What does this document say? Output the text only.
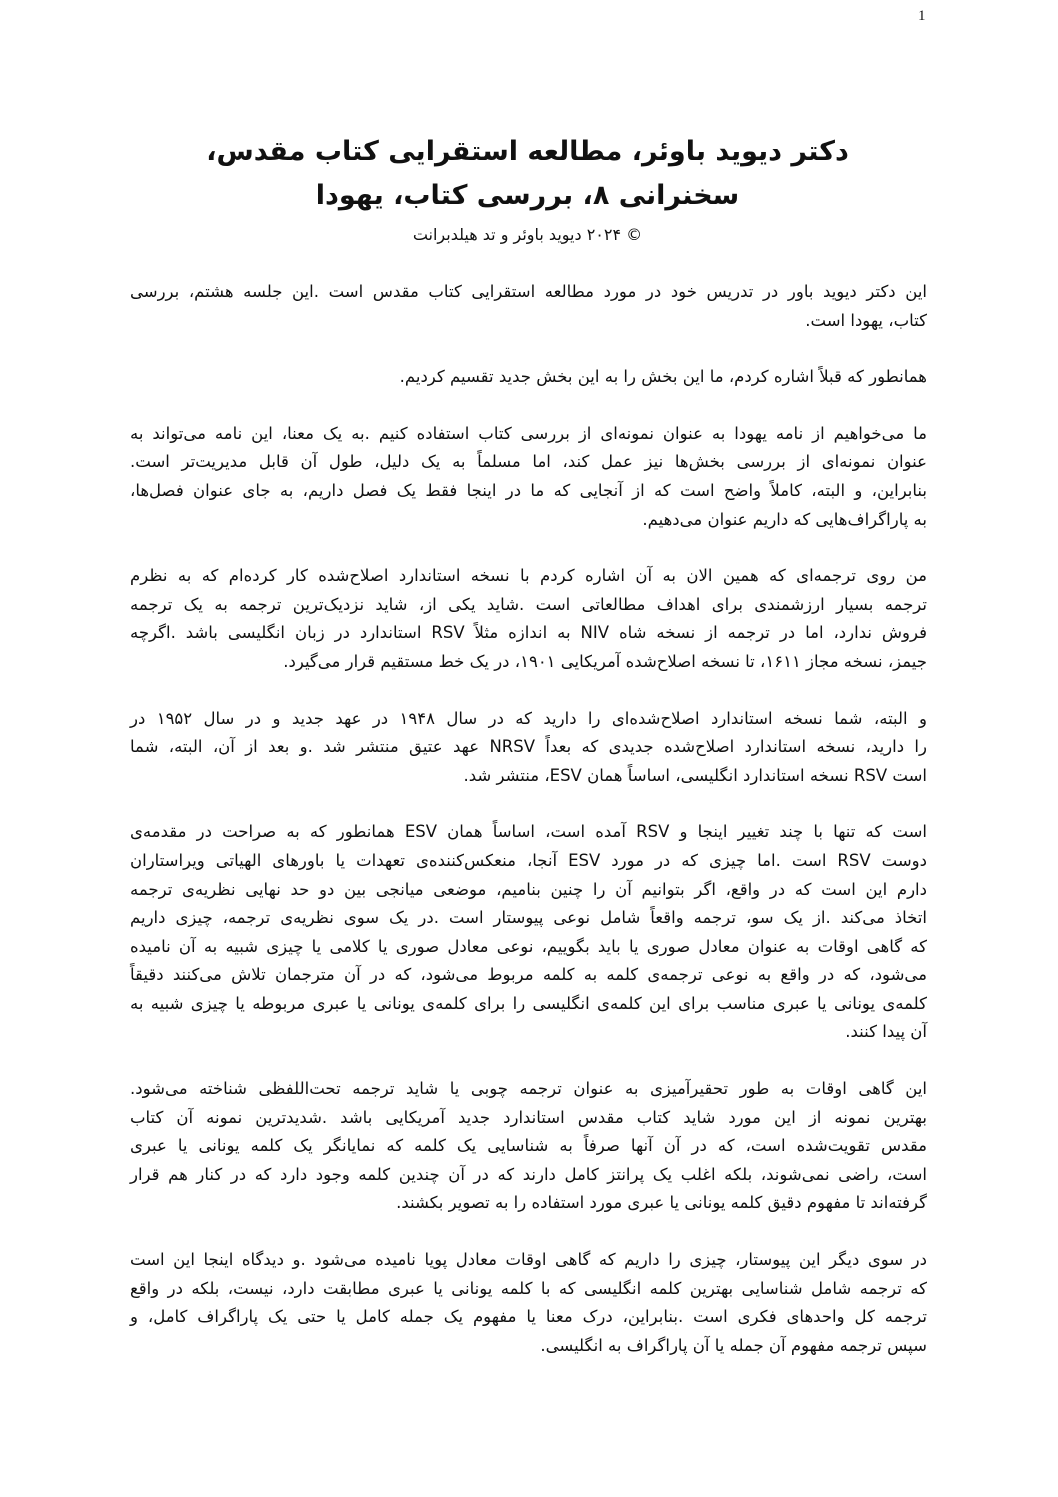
1
دکتر دیوید باوئر، مطالعه استقرایی کتاب مقدس،
سخنرانی ۸، بررسی کتاب، یهودا
© ۲۰۲۴ دیوید باوئر و تد هیلدبرانت
این دکتر دیوید باور در تدریس خود در مورد مطالعه استقرایی کتاب مقدس است .این جلسه هشتم، بررسی
کتاب، یهودا است.
همانطور که قبلاً اشاره کردم، ما این بخش را به این بخش جدید تقسیم کردیم.
ما می‌خواهیم از نامه یهودا به عنوان نمونه‌ای از بررسی کتاب استفاده کنیم .به یک معنا، این نامه می‌تواند به
عنوان نمونه‌ای از بررسی بخش‌ها نیز عمل کند، اما مسلماً به یک دلیل، طول آن قابل مدیریت‌تر است.
بنابراین، و البته، کاملاً واضح است که از آنجایی که ما در اینجا فقط یک فصل داریم، به جای عنوان فصل‌ها،
به پاراگراف‌هایی که داریم عنوان می‌دهیم.
من روی ترجمه‌ای که همین الان به آن اشاره کردم با نسخه استاندارد اصلاح‌شده کار کرده‌ام که به نظرم
ترجمه بسیار ارزشمندی برای اهداف مطالعاتی است .شاید یکی از، شاید نزدیک‌ترین ترجمه به یک ترجمه
فروش ندارد، اما در ترجمه از نسخه شاه NIV به اندازه مثلاً RSV استاندارد در زبان انگلیسی باشد .اگرچه
جیمز، نسخه مجاز ۱۶۱۱، تا نسخه اصلاح‌شده آمریکایی ۱۹۰۱، در یک خط مستقیم قرار می‌گیرد.
و البته، شما نسخه استاندارد اصلاح‌شده‌ای را دارید که در سال ۱۹۴۸ در عهد جدید و در سال ۱۹۵۲ در
را دارید، نسخه استاندارد اصلاح‌شده جدیدی که بعداً NRSV عهد عتیق منتشر شد .و بعد از آن، البته، شما
است RSV نسخه استاندارد انگلیسی، اساساً همان ESV، منتشر شد.
است که تنها با چند تغییر اینجا و RSV آمده است، اساساً همان ESV همانطور که به صراحت در مقدمه‌ی
دوست RSV است .اما چیزی که در مورد ESV آنجا، منعکس‌کننده‌ی تعهدات یا باورهای الهیاتی ویراستاران
دارم این است که در واقع، اگر بتوانیم آن را چنین بنامیم، موضعی میانجی بین دو حد نهایی نظریه‌ی ترجمه
اتخاذ می‌کند .از یک سو، ترجمه واقعاً شامل نوعی پیوستار است .در یک سوی نظریه‌ی ترجمه، چیزی داریم
که گاهی اوقات به عنوان معادل صوری یا باید بگوییم، نوعی معادل صوری یا کلامی یا چیزی شبیه به آن نامیده
می‌شود، که در واقع به نوعی ترجمه‌ی کلمه به کلمه مربوط می‌شود، که در آن مترجمان تلاش می‌کنند دقیقاً
کلمه‌ی یونانی یا عبری مناسب برای این کلمه‌ی انگلیسی را برای کلمه‌ی یونانی یا عبری مربوطه یا چیزی شبیه به
آن پیدا کنند.
این گاهی اوقات به طور تحقیرآمیزی به عنوان ترجمه چوبی یا شاید ترجمه تحت‌اللفظی شناخته می‌شود.
بهترین نمونه از این مورد شاید کتاب مقدس استاندارد جدید آمریکایی باشد .شدیدترین نمونه آن کتاب
مقدس تقویت‌شده است، که در آن آنها صرفاً به شناسایی یک کلمه که نمایانگر یک کلمه یونانی یا عبری
است، راضی نمی‌شوند، بلکه اغلب یک پرانتز کامل دارند که در آن چندین کلمه وجود دارد که در کنار هم قرار
گرفته‌اند تا مفهوم دقیق کلمه یونانی یا عبری مورد استفاده را به تصویر بکشند.
در سوی دیگر این پیوستار، چیزی را داریم که گاهی اوقات معادل پویا نامیده می‌شود .و دیدگاه اینجا این است
که ترجمه شامل شناسایی بهترین کلمه انگلیسی که با کلمه یونانی یا عبری مطابقت دارد، نیست، بلکه در واقع
ترجمه کل واحدهای فکری است .بنابراین، درک معنا یا مفهوم یک جمله کامل یا حتی یک پاراگراف کامل، و
سپس ترجمه مفهوم آن جمله یا آن پاراگراف به انگلیسی.
